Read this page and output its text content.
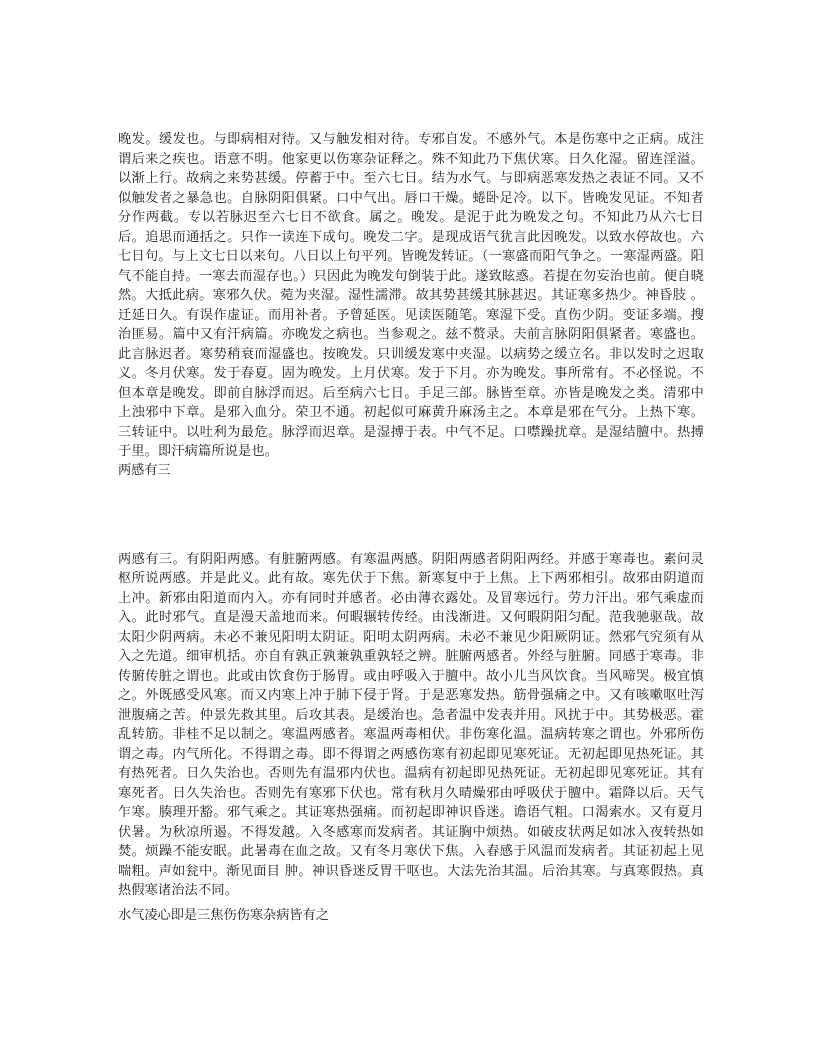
晚发。缓发也。与即病相对待。又与触发相对待。专邪自发。不感外气。本是伤寒中之正病。成注谓后来之疾也。语意不明。他家更以伤寒杂证释之。殊不知此乃下焦伏寒。日久化湿。留连淫溢。以渐上行。故病之来势甚缓。停蓄于中。至六七日。结为水气。与即病恶寒发热之表证不同。又不似触发者之暴急也。自脉阴阳俱紧。口中气出。唇口干燥。蜷卧足冷。以下。皆晚发见证。不知者分作两截。专以若脉迟至六七日不欲食。属之。晚发。是泥于此为晚发之句。不知此乃从六七日后。追思而通括之。只作一读连下成句。晚发二字。是现成语气犹言此因晚发。以致水停故也。六七日句。与上文七日以来句。八日以上句平列。皆晚发转证。（一寒盛而阳气争之。一寒湿两盛。阳气不能自持。一寒去而湿存也。）只因此为晚发句倒装于此。遂致眩惑。若提在勿妄治也前。便自晓然。大抵此病。寒邪久伏。菀为夹湿。湿性濡滞。故其势甚缓其脉甚迟。其证寒多热少。神昏肢 。迁延日久。有误作虚证。而用补者。予曾延医。见读医随笔。寒湿下受。直伤少阴。变证多端。搜治匪易。篇中又有汗病篇。亦晚发之病也。当参观之。兹不赘录。夫前言脉阴阳俱紧者。寒盛也。此言脉迟者。寒势稍衰而湿盛也。按晚发。只训缓发寒中夹湿。以病势之缓立名。非以发时之迟取义。冬月伏寒。发于春夏。固为晚发。上月伏寒。发于下月。亦为晚发。事所常有。不必怪说。不但本章是晚发。即前自脉浮而迟。后至病六七日。手足三部。脉皆至章。亦皆是晚发之类。清邪中上浊邪中下章。是邪入血分。荣卫不通。初起似可麻黄升麻汤主之。本章是邪在气分。上热下寒。三转证中。以吐利为最危。脉浮而迟章。是湿搏于表。中气不足。口噤躁扰章。是湿结膻中。热搏于里。即汗病篇所说是也。

两感有三

两感有三。有阴阳两感。有脏腑两感。有寒温两感。阴阳两感者阴阳两经。并感于寒毒也。素问灵枢所说两感。并是此义。此有故。寒先伏于下焦。新寒复中于上焦。上下两邪相引。故邪由阴道而上冲。新邪由阳道而内入。亦有同时并感者。必由薄衣露处。及冒寒远行。劳力汗出。邪气乘虚而入。此时邪气。直是漫天盖地而来。何暇辗转传经。由浅渐进。又何暇阴阳匀配。范我驰驱哉。故太阳少阴两病。未必不兼见阳明太阴证。阳明太阴两病。未必不兼见少阳厥阴证。然邪气究须有从入之先道。细审机括。亦自有孰正孰兼孰重孰轻之辨。脏腑两感者。外经与脏腑。同感于寒毒。非传腑传脏之谓也。此或由饮食伤于肠胃。或由呼吸入于膻中。故小儿当风饮食。当风啼哭。极宜慎之。外既感受风寒。而又内寒上冲于肺下侵于肾。于是恶寒发热。筋骨强痛之中。又有咳嗽呕吐泻泄腹痛之苦。仲景先救其里。后攻其表。是缓治也。急者温中发表并用。风扰于中。其势极恶。霍乱转筋。非桂不足以制之。寒温两感者。寒温两毒相伏。非伤寒化温。温病转寒之谓也。外邪所伤谓之毒。内气所化。不得谓之毒。即不得谓之两感伤寒有初起即见寒死证。无初起即见热死证。其有热死者。日久失治也。否则先有温邪内伏也。温病有初起即见热死证。无初起即见寒死证。其有寒死者。日久失治也。否则先有寒邪下伏也。常有秋月久晴燥邪由呼吸伏于膻中。霜降以后。天气乍寒。腠理开豁。邪气乘之。其证寒热强痛。而初起即神识昏迷。谵语气粗。口渴索水。又有夏月伏暑。为秋凉所遏。不得发越。入冬感寒而发病者。其证胸中烦热。如破皮状两足如冰入夜转热如焚。烦躁不能安眠。此暑毒在血之故。又有冬月寒伏下焦。入春感于风温而发病者。其证初起上见喘粗。声如瓮中。渐见面目 肿。神识昏迷反胃干呕也。大法先治其温。后治其寒。与真寒假热。真热假寒诸治法不同。

水气凌心即是三焦伤伤寒杂病皆有之
